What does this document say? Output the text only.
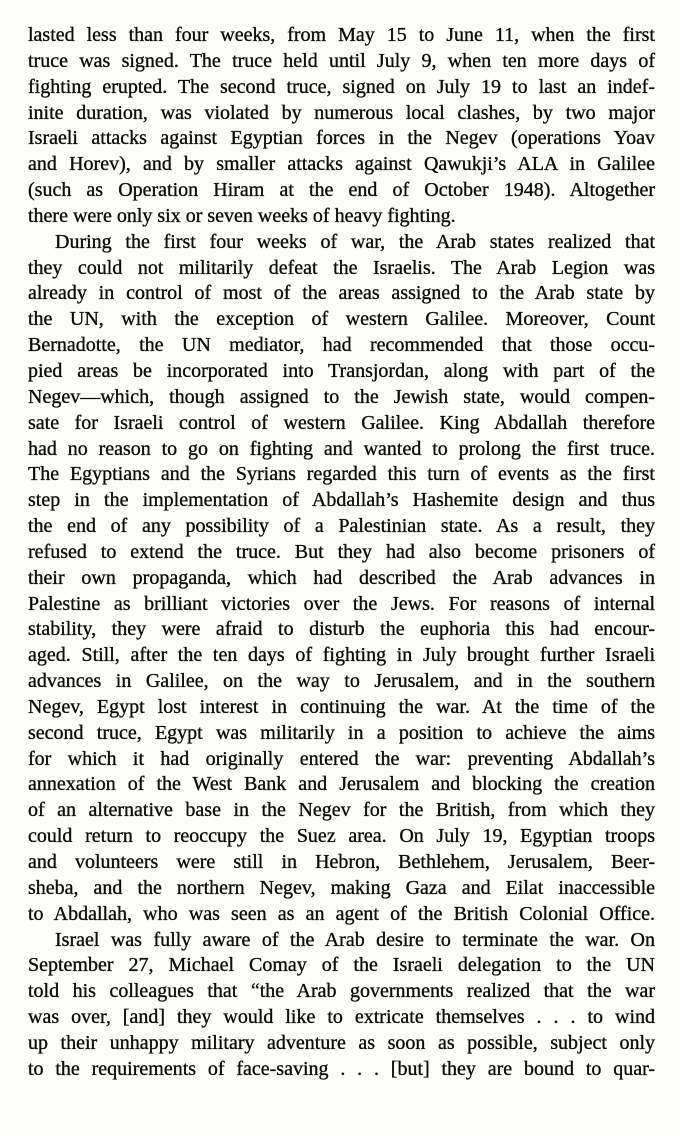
lasted less than four weeks, from May 15 to June 11, when the first
truce was signed. The truce held until July 9, when ten more days of
fighting erupted. The second truce, signed on July 19 to last an indef-
inite duration, was violated by numerous local clashes, by two major
Israeli attacks against Egyptian forces in the Negev (operations Yoav
and Horev), and by smaller attacks against Qawukji’s ALA in Galilee
(such as Operation Hiram at the end of October 1948). Altogether
there were only six or seven weeks of heavy fighting.
During the first four weeks of war, the Arab states realized that
they could not militarily defeat the Israelis. The Arab Legion was
already in control of most of the areas assigned to the Arab state by
the UN, with the exception of western Galilee. Moreover, Count
Bernadotte, the UN mediator, had recommended that those occu-
pied areas be incorporated into Transjordan, along with part of the
Negev—which, though assigned to the Jewish state, would compen-
sate for Israeli control of western Galilee. King Abdallah therefore
had no reason to go on fighting and wanted to prolong the first truce.
The Egyptians and the Syrians regarded this turn of events as the first
step in the implementation of Abdallah’s Hashemite design and thus
the end of any possibility of a Palestinian state. As a result, they
refused to extend the truce. But they had also become prisoners of
their own propaganda, which had described the Arab advances in
Palestine as brilliant victories over the Jews. For reasons of internal
stability, they were afraid to disturb the euphoria this had encour-
aged. Still, after the ten days of fighting in July brought further Israeli
advances in Galilee, on the way to Jerusalem, and in the southern
Negev, Egypt lost interest in continuing the war. At the time of the
second truce, Egypt was militarily in a position to achieve the aims
for which it had originally entered the war: preventing Abdallah’s
annexation of the West Bank and Jerusalem and blocking the creation
of an alternative base in the Negev for the British, from which they
could return to reoccupy the Suez area. On July 19, Egyptian troops
and volunteers were still in Hebron, Bethlehem, Jerusalem, Beer-
sheba, and the northern Negev, making Gaza and Eilat inaccessible
to Abdallah, who was seen as an agent of the British Colonial Office.
Israel was fully aware of the Arab desire to terminate the war. On
September 27, Michael Comay of the Israeli delegation to the UN
told his colleagues that “the Arab governments realized that the war
was over, [and] they would like to extricate themselves . . . to wind
up their unhappy military adventure as soon as possible, subject only
to the requirements of face-saving . . . [but] they are bound to quar-
